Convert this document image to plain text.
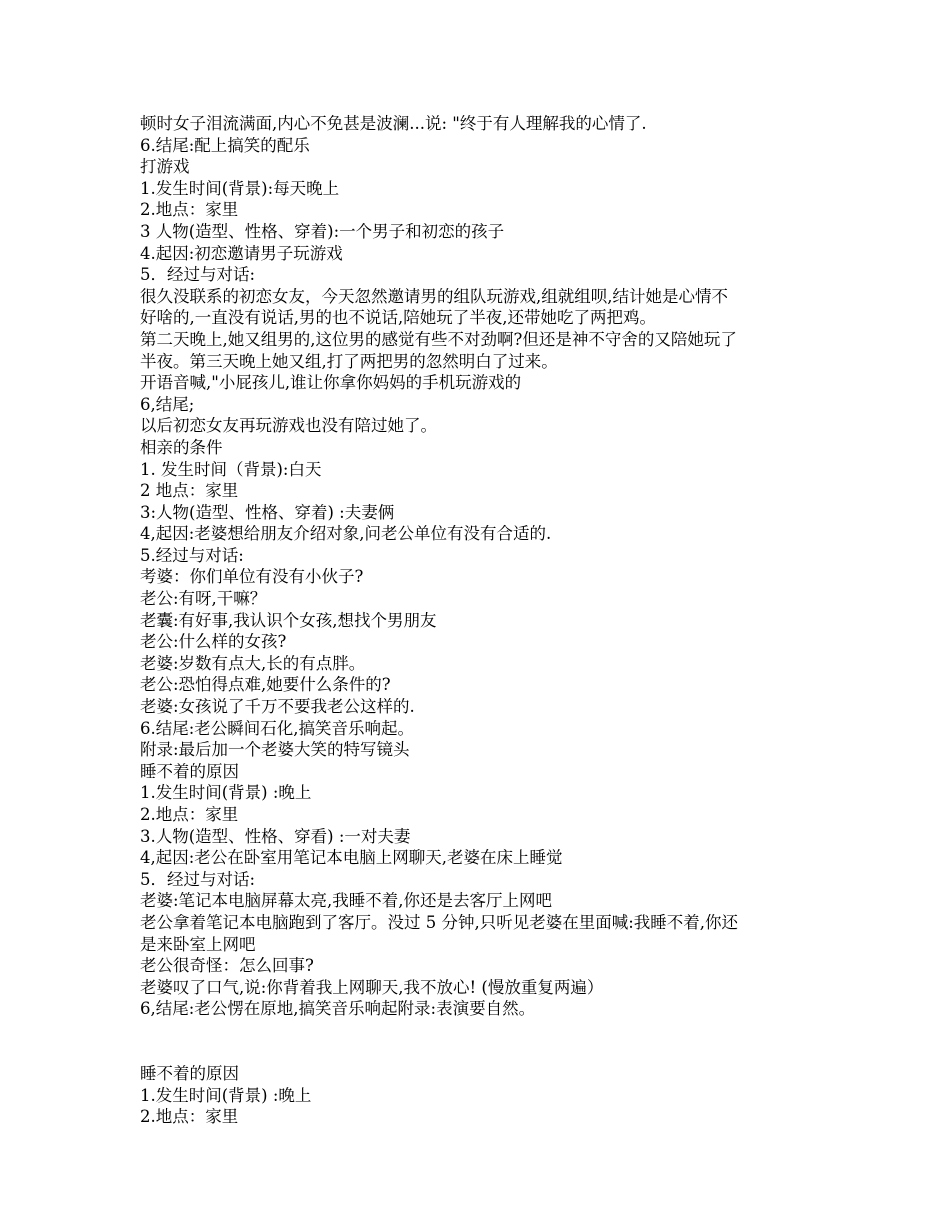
顿时女子泪流满面,内心不免甚是波澜...说: "终于有人理解我的心情了.
6.结尾:配上搞笑的配乐
打游戏
1.发生时间(背景):每天晚上
2.地点：家里
3 人物(造型、性格、穿着):一个男子和初恋的孩子
4.起因:初恋邀请男子玩游戏
5．经过与对话:
很久没联系的初恋女友，今天忽然邀请男的组队玩游戏,组就组呗,结计她是心情不
好啥的,一直没有说话,男的也不说话,陪她玩了半夜,还带她吃了两把鸡。
第二天晚上,她又组男的,这位男的感觉有些不对劲啊?但还是神不守舍的又陪她玩了
半夜。第三天晚上她又组,打了两把男的忽然明白了过来。
开语音喊,"小屁孩儿,谁让你拿你妈妈的手机玩游戏的
6,结尾;
以后初恋女友再玩游戏也没有陪过她了。
相亲的条件
1. 发生时间（背景):白天
2 地点：家里
3:人物(造型、性格、穿着) :夫妻俩
4,起因:老婆想给朋友介绍对象,问老公单位有没有合适的.
5.经过与对话:
考婆：你们单位有没有小伙子?
老公:有呀,干嘛？
老囊:有好事,我认识个女孩,想找个男朋友
老公:什么样的女孩?
老婆:岁数有点大,长的有点胖。
老公:恐怕得点难,她要什么条件的?
老婆:女孩说了千万不要我老公这样的.
6.结尾:老公瞬间石化,搞笑音乐响起。
附录:最后加一个老婆大笑的特写镜头
睡不着的原因
1.发生时间(背景) :晚上
2.地点：家里
3.人物(造型、性格、穿看) :一对夫妻
4,起因:老公在卧室用笔记本电脑上网聊天,老婆在床上睡觉
5．经过与对话:
老婆:笔记本电脑屏幕太亮,我睡不着,你还是去客厅上网吧
老公拿着笔记本电脑跑到了客厅。没过 5 分钟,只听见老婆在里面喊:我睡不着,你还
是来卧室上网吧
老公很奇怪：怎么回事?
老婆叹了口气,说:你背着我上网聊天,我不放心! (慢放重复两遍）
6,结尾:老公愣在原地,搞笑音乐响起附录:表演要自然。
睡不着的原因
1.发生时间(背景) :晚上
2.地点：家里
